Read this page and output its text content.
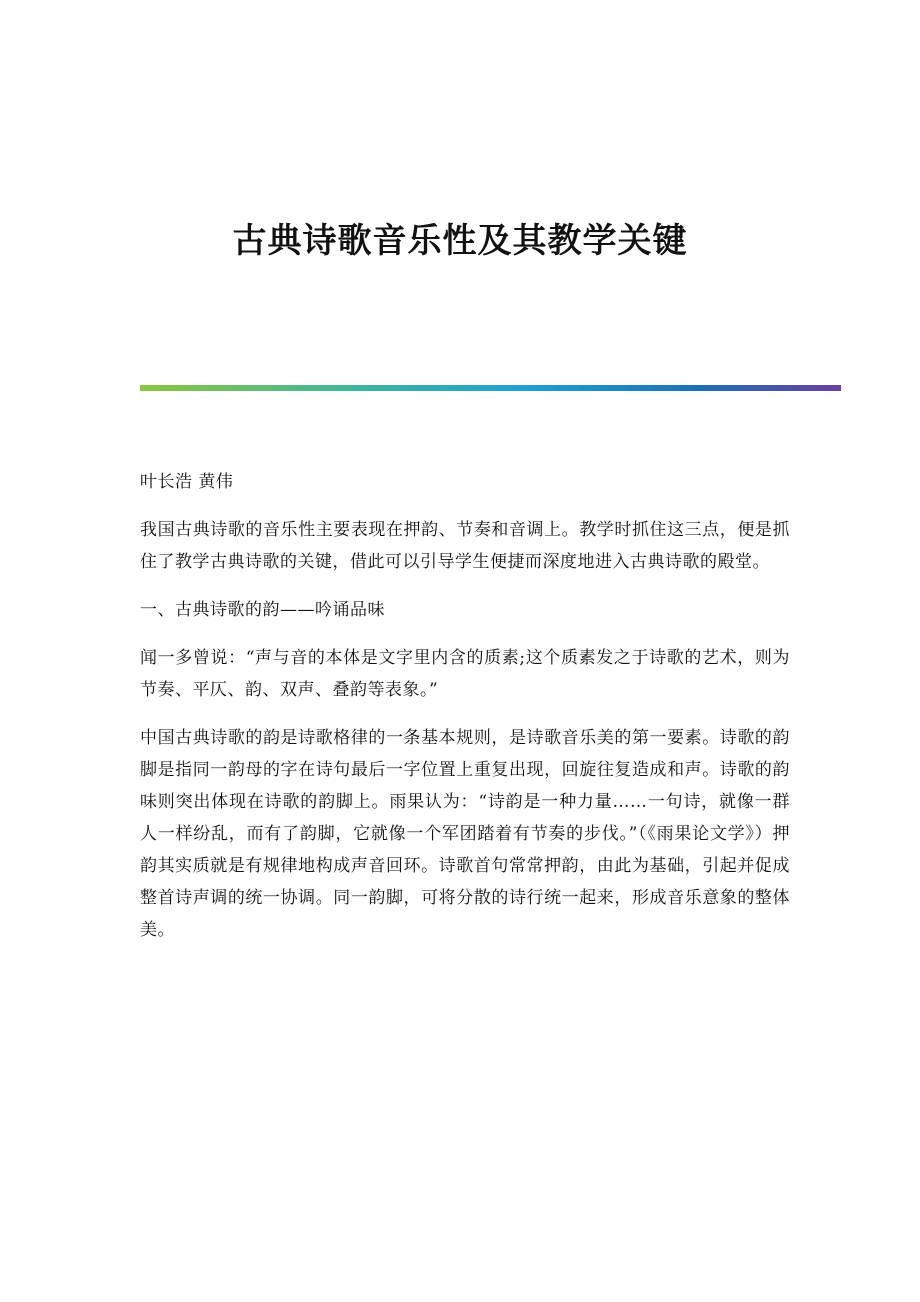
古典诗歌音乐性及其教学关键

叶长浩 黄伟

我国古典诗歌的音乐性主要表现在押韵、节奏和音调上。教学时抓住这三点，便是抓住了教学古典诗歌的关键，借此可以引导学生便捷而深度地进入古典诗歌的殿堂。

一、古典诗歌的韵——吟诵品味

闻一多曾说：“声与音的本体是文字里内含的质素;这个质素发之于诗歌的艺术，则为节奏、平仄、韵、双声、叠韵等表象。”

中国古典诗歌的韵是诗歌格律的一条基本规则，是诗歌音乐美的第一要素。诗歌的韵脚是指同一韵母的字在诗句最后一字位置上重复出现，回旋往复造成和声。诗歌的韵味则突出体现在诗歌的韵脚上。雨果认为：“诗韵是一种力量……一句诗，就像一群人一样纷乱，而有了韵脚，它就像一个军团踏着有节奏的步伐。”（《雨果论文学》）押韵其实质就是有规律地构成声音回环。诗歌首句常常押韵，由此为基础，引起并促成整首诗声调的统一协调。同一韵脚，可将分散的诗行统一起来，形成音乐意象的整体美。
